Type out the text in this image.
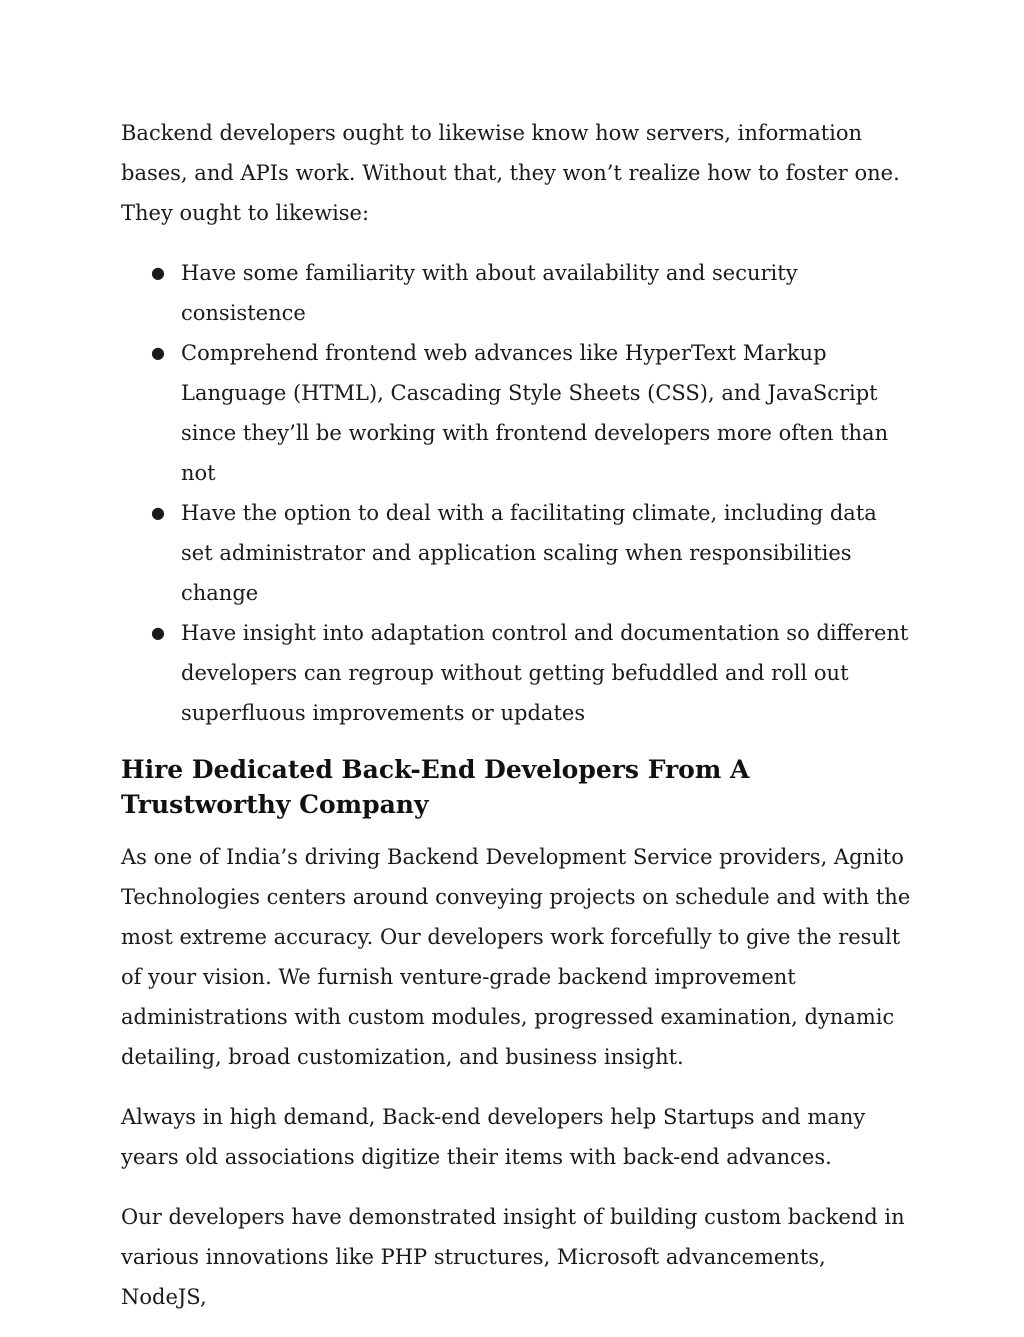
Backend developers ought to likewise know how servers, information bases, and APIs work. Without that, they won’t realize how to foster one. They ought to likewise:

● Have some familiarity with about availability and security consistence
● Comprehend frontend web advances like HyperText Markup Language (HTML), Cascading Style Sheets (CSS), and JavaScript since they’ll be working with frontend developers more often than not
● Have the option to deal with a facilitating climate, including data set administrator and application scaling when responsibilities change
● Have insight into adaptation control and documentation so different developers can regroup without getting befuddled and roll out superfluous improvements or updates
Hire Dedicated Back-End Developers From A Trustworthy Company

As one of India’s driving Backend Development Service providers, Agnito Technologies centers around conveying projects on schedule and with the most extreme accuracy. Our developers work forcefully to give the result of your vision. We furnish venture-grade backend improvement administrations with custom modules, progressed examination, dynamic detailing, broad customization, and business insight.

Always in high demand, Back-end developers help Startups and many years old associations digitize their items with back-end advances.

Our developers have demonstrated insight of building custom backend in various innovations like PHP structures, Microsoft advancements, NodeJS,
